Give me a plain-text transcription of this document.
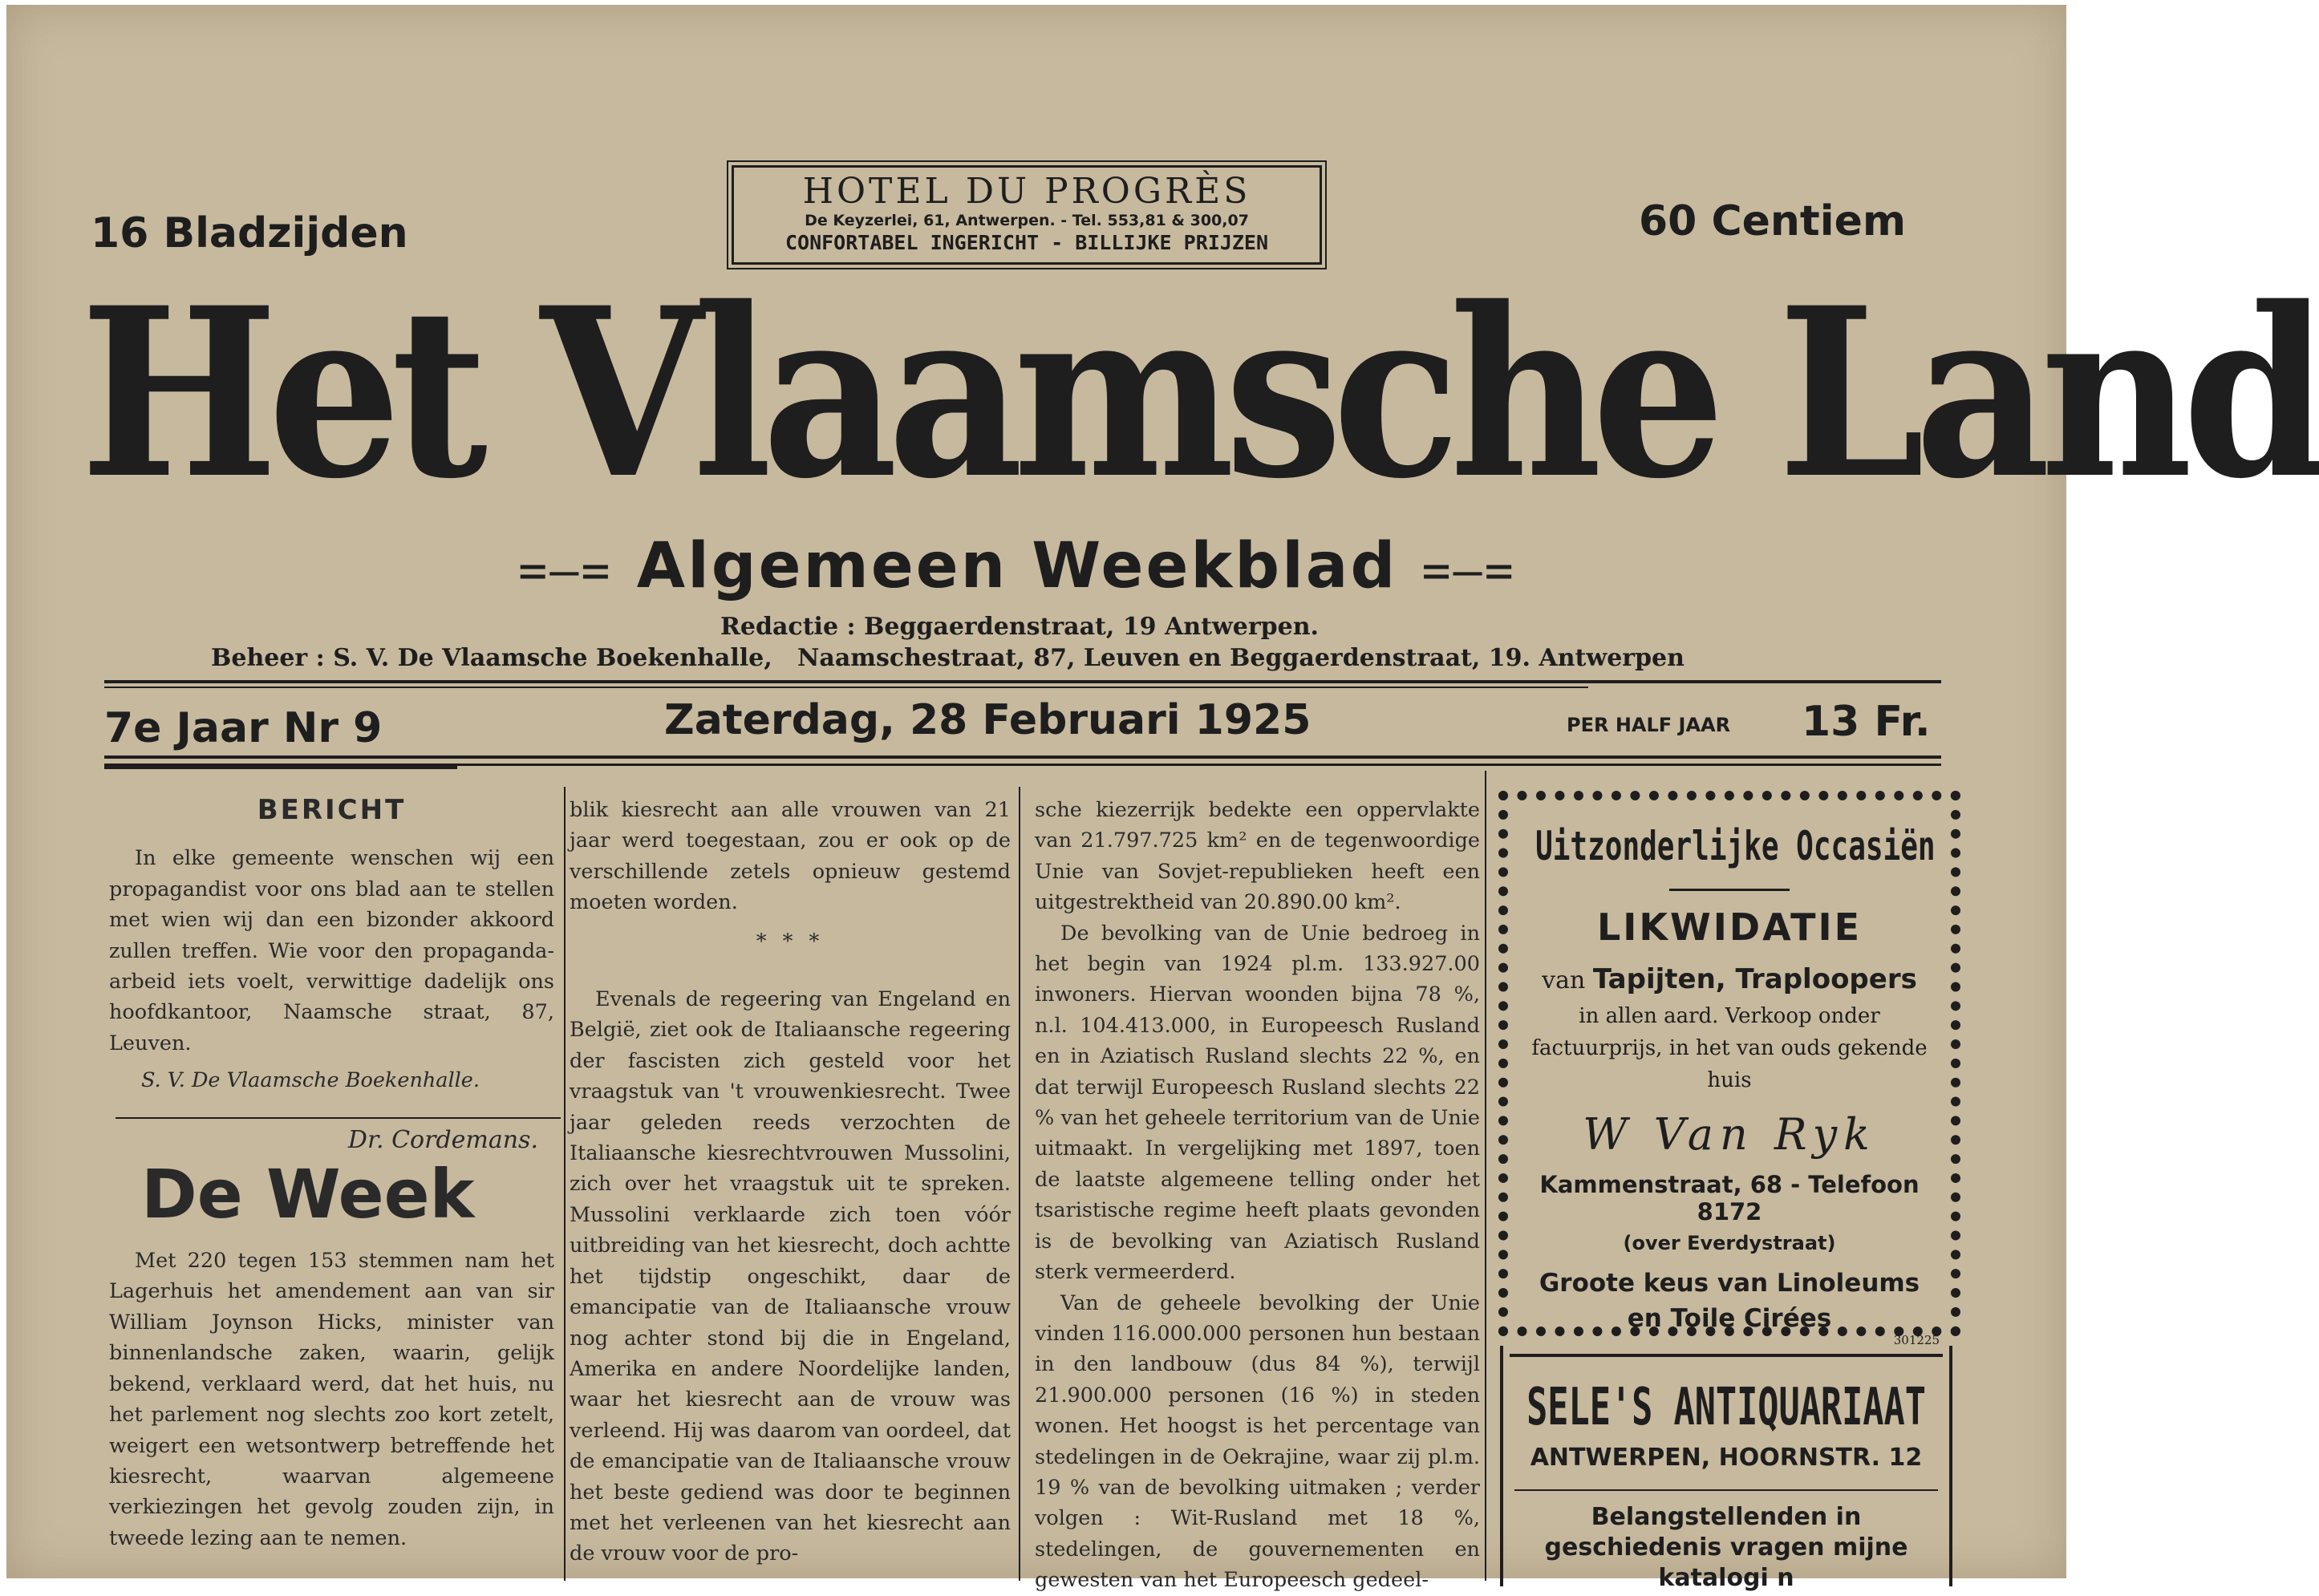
HOTEL DU PROGRÈS
De Keyzerlei, 61, Antwerpen. - Tel. 553,81 & 300,07
CONFORTABEL INGERICHT - BILLIJKE PRIJZEN
16 Bladzijden	60 Centiem
Het Vlaamsche Land
=—= Algemeen Weekblad =—=
Redactie : Beggaerdenstraat, 19 Antwerpen.
Beheer : S. V. De Vlaamsche Boekenhalle,   Naamschestraat, 87, Leuven en Beggaerdenstraat, 19. Antwerpen
7e Jaar Nr 9	Zaterdag, 28 Februari 1925	PER HALF JAAR 13 Fr.
BERICHT

In elke gemeente wenschen wij een propagandist voor ons blad aan te stellen met wien wij dan een bizonder akkoord zullen treffen. Wie voor den propaganda-arbeid iets voelt, verwittige dadelijk ons hoofdkantoor, Naamsche straat, 87, Leuven.

S. V. De Vlaamsche Boekenhalle.
Dr. Cordemans.
De Week

Met 220 tegen 153 stemmen nam het Lagerhuis het amendement aan van sir William Joynson Hicks, minister van binnenlandsche zaken, waarin, gelijk bekend, verklaard werd, dat het huis, nu het parlement nog slechts zoo kort zetelt, weigert een wetsontwerp betreffende het kiesrecht, waarvan algemeene verkiezingen het gevolg zouden zijn, in tweede lezing aan te nemen.

blik kiesrecht aan alle vrouwen van 21 jaar werd toegestaan, zou er ook op de verschillende zetels opnieuw gestemd moeten worden.

* * *

Evenals de regeering van Engeland en België, ziet ook de Italiaansche regeering der fascisten zich gesteld voor het vraagstuk van 't vrouwenkiesrecht. Twee jaar geleden reeds verzochten de Italiaansche kiesrechtvrouwen Mussolini, zich over het vraagstuk uit te spreken. Mussolini verklaarde zich toen vóór uitbreiding van het kiesrecht, doch achtte het tijdstip ongeschikt, daar de emancipatie van de Italiaansche vrouw nog achter stond bij die in Engeland, Amerika en andere Noordelijke landen, waar het kiesrecht aan de vrouw was verleend. Hij was daarom van oordeel, dat de emancipatie van de Italiaansche vrouw het beste gediend was door te beginnen met het verleenen van het kiesrecht aan de vrouw voor de pro-

sche kiezerrijk bedekte een oppervlakte van 21.797.725 km² en de tegenwoordige Unie van Sovjet-republieken heeft een uitgestrektheid van 20.890.00 km².

De bevolking van de Unie bedroeg in het begin van 1924 pl.m. 133.927.00 inwoners. Hiervan woonden bijna 78 %, n.l. 104.413.000, in Europeesch Rusland en in Aziatisch Rusland slechts 22 %, en dat terwijl Europeesch Rusland slechts 22 % van het geheele territorium van de Unie uitmaakt. In vergelijking met 1897, toen de laatste algemeene telling onder het tsaristische regime heeft plaats gevonden is de bevolking van Aziatisch Rusland sterk vermeerderd.

Van de geheele bevolking der Unie vinden 116.000.000 personen hun bestaan in den landbouw (dus 84 %), terwijl 21.900.000 personen (16 %) in steden wonen. Het hoogst is het percentage van stedelingen in de Oekrajine, waar zij pl.m. 19 % van de bevolking uitmaken ; verder volgen : Wit-Rusland met 18 %, stedelingen, de gouvernementen en gewesten van het Europeesch gedeel-

Uitzonderlijke Occasiën
LIKWIDATIE
van Tapijten, Traploopers
in allen aard. Verkoop onder factuurprijs, in het van ouds gekende huis
W Van Ryk
Kammenstraat, 68 - Telefoon 8172
(over Everdystraat)
Groote keus van Linoleums
en Toile Cirées
301225
SELE'S ANTIQUARIAAT
ANTWERPEN, HOORNSTR. 12
Belangstellenden in geschiedenis vragen mijne katalogi n
